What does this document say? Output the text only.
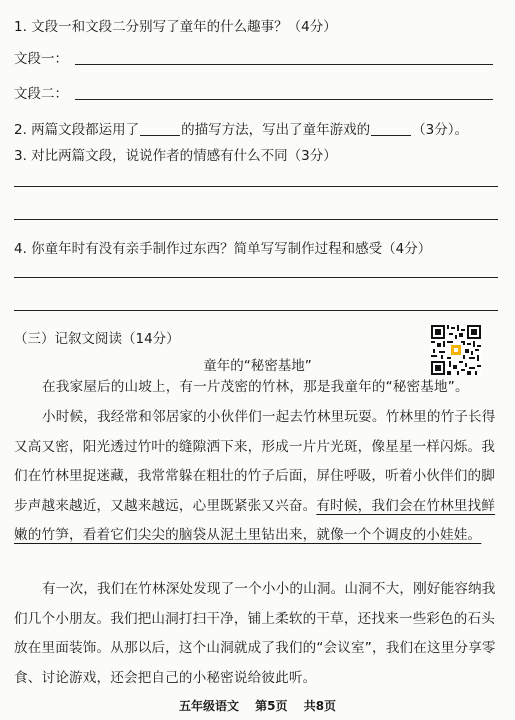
1. 文段一和文段二分别写了童年的什么趣事？（4分）
文段一：
文段二：
2. 两篇文段都运用了	的描写方法，写出了童年游戏的	（3分）。
3. 对比两篇文段，说说作者的情感有什么不同（3分）
4. 你童年时有没有亲手制作过东西？简单写写制作过程和感受（4分）
（三）记叙文阅读（14分）
童年的“秘密基地”

在我家屋后的山坡上，有一片茂密的竹林，那是我童年的“秘密基地”。

小时候，我经常和邻居家的小伙伴们一起去竹林里玩耍。竹林里的竹子长得又高又密，阳光透过竹叶的缝隙洒下来，形成一片片光斑，像星星一样闪烁。我们在竹林里捉迷藏，我常常躲在粗壮的竹子后面，屏住呼吸，听着小伙伴们的脚步声越来越近，又越来越远，心里既紧张又兴奋。有时候，我们会在竹林里找鲜嫩的竹笋，看着它们尖尖的脑袋从泥土里钻出来，就像一个个调皮的小娃娃。

有一次，我们在竹林深处发现了一个小小的山洞。山洞不大，刚好能容纳我们几个小朋友。我们把山洞打扫干净，铺上柔软的干草，还找来一些彩色的石头放在里面装饰。从那以后，这个山洞就成了我们的“会议室”，我们在这里分享零食、讨论游戏，还会把自己的小秘密说给彼此听。

五年级语文 第5页 共8页
